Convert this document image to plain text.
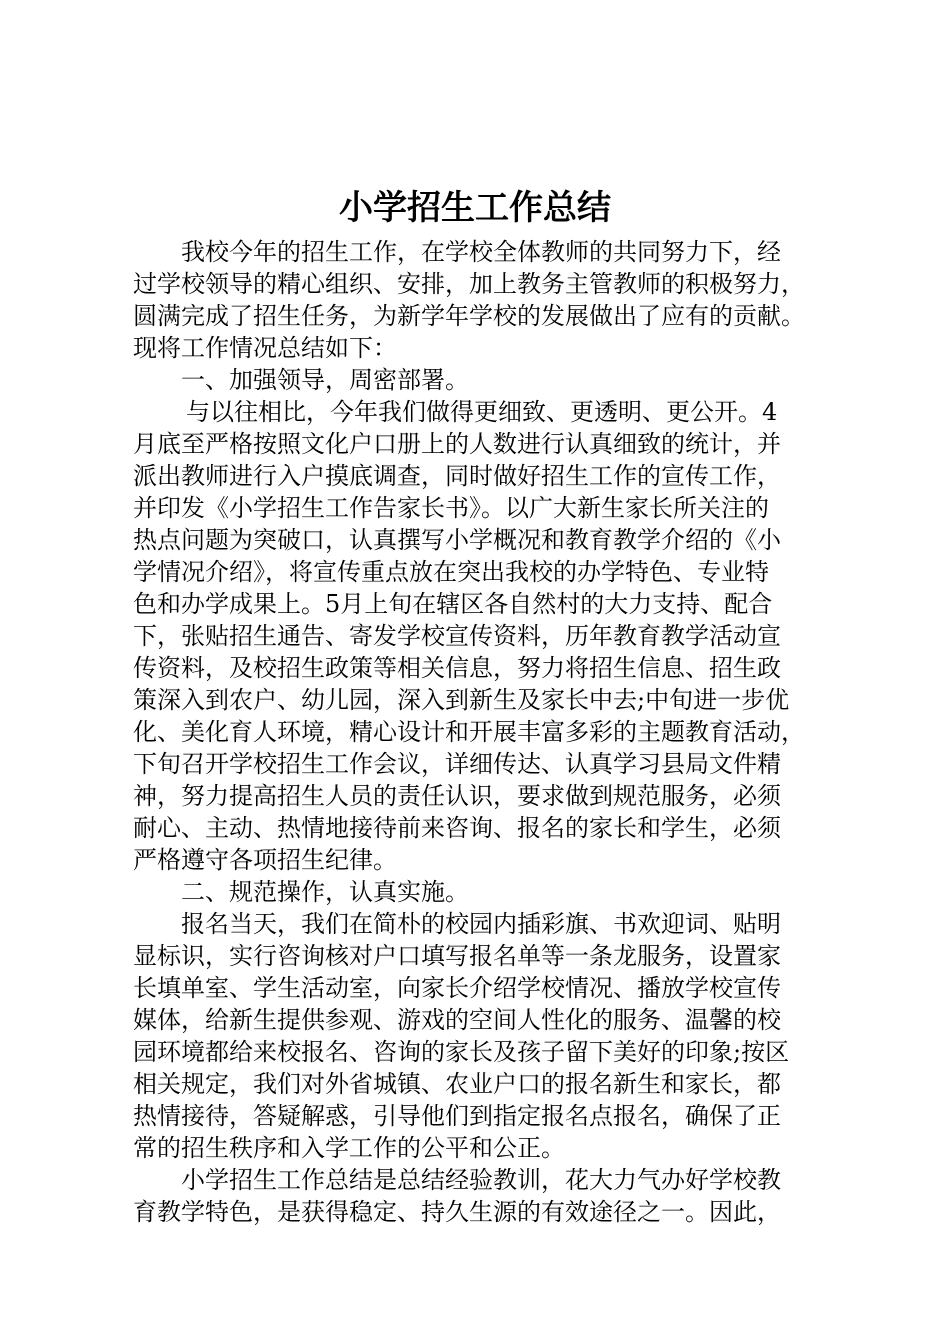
小学招生工作总结
我校今年的招生工作，在学校全体教师的共同努力下，经
过学校领导的精心组织、安排，加上教务主管教师的积极努力，
圆满完成了招生任务，为新学年学校的发展做出了应有的贡献。
现将工作情况总结如下：
一、加强领导，周密部署。
与以往相比，今年我们做得更细致、更透明、更公开。4
月底至严格按照文化户口册上的人数进行认真细致的统计，并
派出教师进行入户摸底调查，同时做好招生工作的宣传工作，
并印发《小学招生工作告家长书》。以广大新生家长所关注的
热点问题为突破口，认真撰写小学概况和教育教学介绍的《小
学情况介绍》，将宣传重点放在突出我校的办学特色、专业特
色和办学成果上。5月上旬在辖区各自然村的大力支持、配合
下，张贴招生通告、寄发学校宣传资料，历年教育教学活动宣
传资料，及校招生政策等相关信息，努力将招生信息、招生政
策深入到农户、幼儿园，深入到新生及家长中去;中旬进一步优
化、美化育人环境，精心设计和开展丰富多彩的主题教育活动，
下旬召开学校招生工作会议，详细传达、认真学习县局文件精
神，努力提高招生人员的责任认识，要求做到规范服务，必须
耐心、主动、热情地接待前来咨询、报名的家长和学生，必须
严格遵守各项招生纪律。
二、规范操作，认真实施。
报名当天，我们在简朴的校园内插彩旗、书欢迎词、贴明
显标识，实行咨询核对户口填写报名单等一条龙服务，设置家
长填单室、学生活动室，向家长介绍学校情况、播放学校宣传
媒体，给新生提供参观、游戏的空间人性化的服务、温馨的校
园环境都给来校报名、咨询的家长及孩子留下美好的印象;按区
相关规定，我们对外省城镇、农业户口的报名新生和家长，都
热情接待，答疑解惑，引导他们到指定报名点报名，确保了正
常的招生秩序和入学工作的公平和公正。
小学招生工作总结是总结经验教训，花大力气办好学校教
育教学特色，是获得稳定、持久生源的有效途径之一。因此，
